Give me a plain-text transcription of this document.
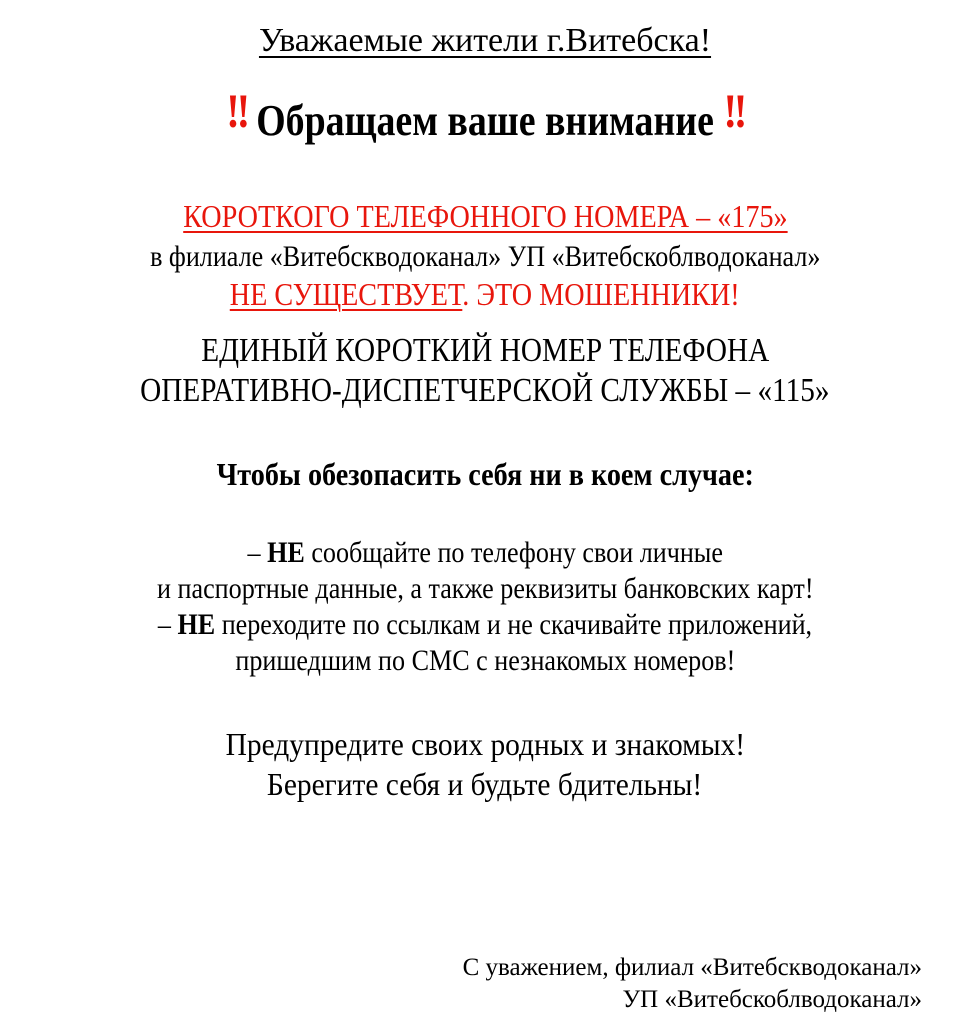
Уважаемые жители г.Витебска!
!! Обращаем ваше внимание !!
КОРОТКОГО ТЕЛЕФОННОГО НОМЕРА – «175»
в филиале «Витебскводоканал» УП «Витебскоблводоканал»
НЕ СУЩЕСТВУЕТ. ЭТО МОШЕННИКИ!
ЕДИНЫЙ КОРОТКИЙ НОМЕР ТЕЛЕФОНА
ОПЕРАТИВНО-ДИСПЕТЧЕРСКОЙ СЛУЖБЫ – «115»
Чтобы обезопасить себя ни в коем случае:
– НЕ сообщайте по телефону свои личные
и паспортные данные, а также реквизиты банковских карт!
– НЕ переходите по ссылкам и не скачивайте приложений,
пришедшим по СМС с незнакомых номеров!
Предупредите своих родных и знакомых!
Берегите себя и будьте бдительны!
С уважением, филиал «Витебскводоканал»
УП «Витебскоблводоканал»
